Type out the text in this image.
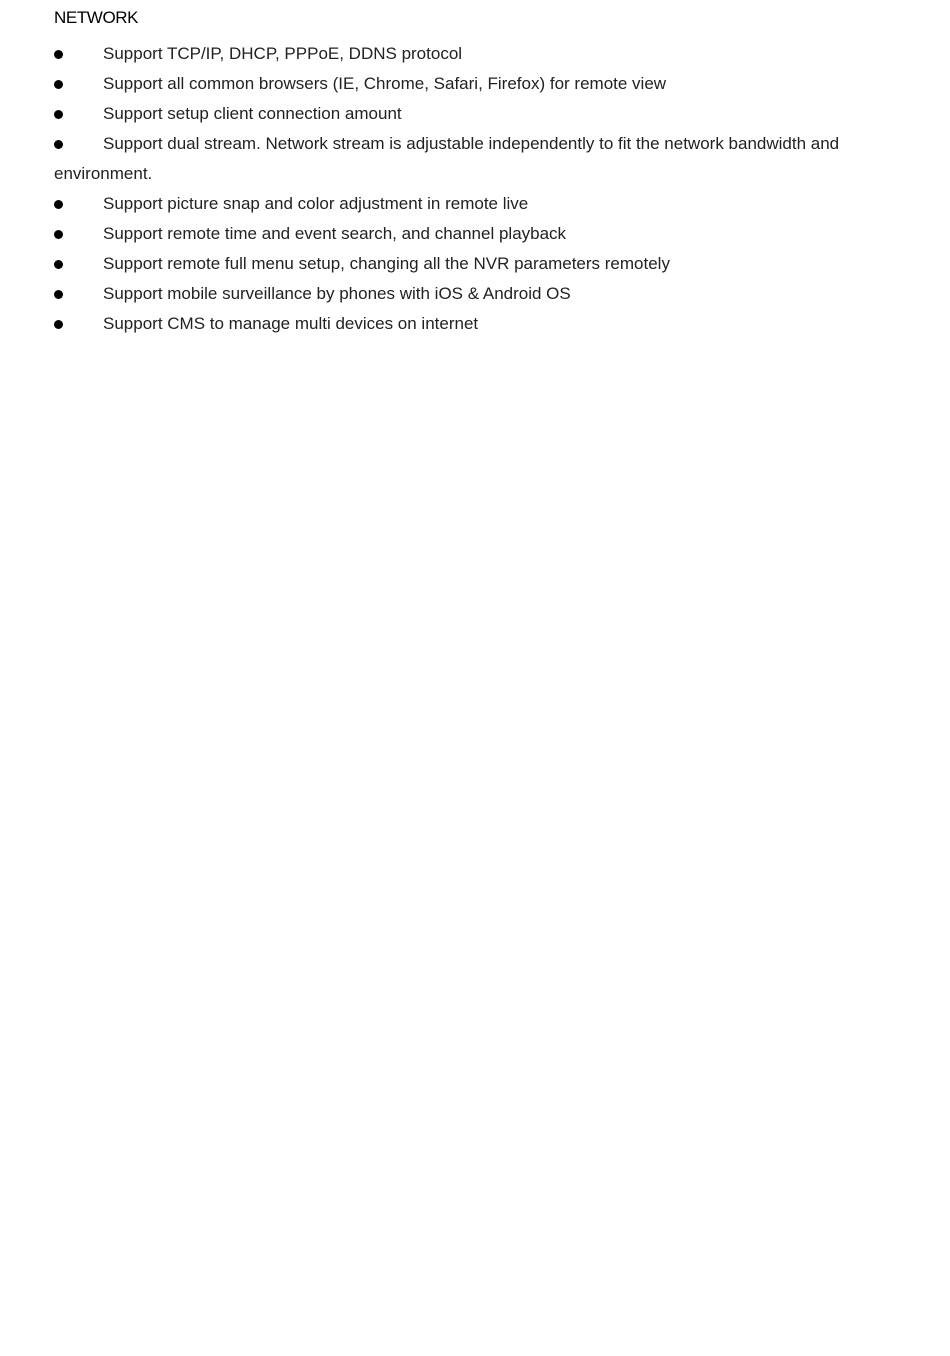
NETWORK
Support TCP/IP, DHCP, PPPoE, DDNS protocol
Support all common browsers (IE, Chrome, Safari, Firefox) for remote view
Support setup client connection amount
Support dual stream. Network stream is adjustable independently to fit the network bandwidth and environment.
Support picture snap and color adjustment in remote live
Support remote time and event search, and channel playback
Support remote full menu setup, changing all the NVR parameters remotely
Support mobile surveillance by phones with iOS & Android OS
Support CMS to manage multi devices on internet
